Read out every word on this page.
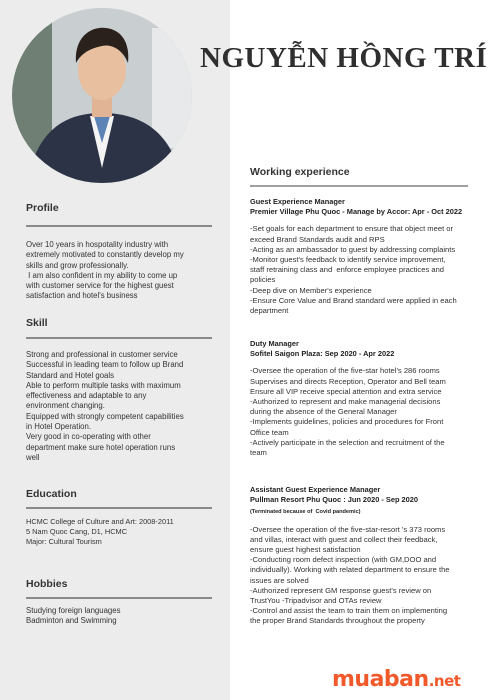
NGUYỄN HỒNG TRÍ
Profile

Over 10 years in hospotality industry with

extremely motivated to constantly develop my

skills and grow professionally.

I am also confident in my ability to come up

with customer service for the highest guest

satisfaction and hotel's business

Skill

Strong and professional in customer service

Successful in leading team to follow up Brand

Standard and Hotel goals

Able to perform multiple tasks with maximum

effectiveness and adaptable to any

environment changing.

Equipped with strongly competent capabilities

in Hotel Operation.

Very good in co-operating with other

department make sure hotel operation runs

well

Education

HCMC College of Culture and Art: 2008-2011

5 Nam Quoc Cang, D1, HCMC

Major: Cultural Tourism

Hobbies

Studying foreign languages

Badminton and Swimming

Working experience
Guest Experience Manager
Premier Village Phu Quoc - Manage by Accor: Apr - Oct 2022

-Set goals for each department to ensure that object meet or

exceed Brand Standards audit and RPS

-Acting as an ambassador to guest by addressing complaints

-Monitor guest's feedback to identify service improvement,

staff retraining class and  enforce employee practices and

policies

-Deep dive on Member's experience

-Ensure Core Value and Brand standard were applied in each

department

Duty Manager
Sofitel Saigon Plaza: Sep 2020 - Apr 2022

-Oversee the operation of the five-star hotel's 286 rooms

Supervises and directs Reception, Operator and Bell team

Ensure all VIP receive special attention and extra service

-Authorized to represent and make managerial decisions

during the absence of the General Manager

-Implements guidelines, policies and procedures for Front

Office team

-Actively participate in the selection and recruitment of the

team

Assistant Guest Experience Manager
Pullman Resort Phu Quoc : Jun 2020 - Sep 2020
(Terminated because of  Covid pandemic)

-Oversee the operation of the five-star-resort 's 373 rooms

and villas, interact with guest and collect their feedback,

ensure guest highest satisfaction

-Conducting room defect inspection (with GM,DOO and

individually). Working with related department to ensure the

issues are solved

-Authorized represent GM response guest's review on

TrustYou -Tripadvisor and OTAs review

-Control and assist the team to train them on implementing

the proper Brand Standards throughout the property

muaban.net
